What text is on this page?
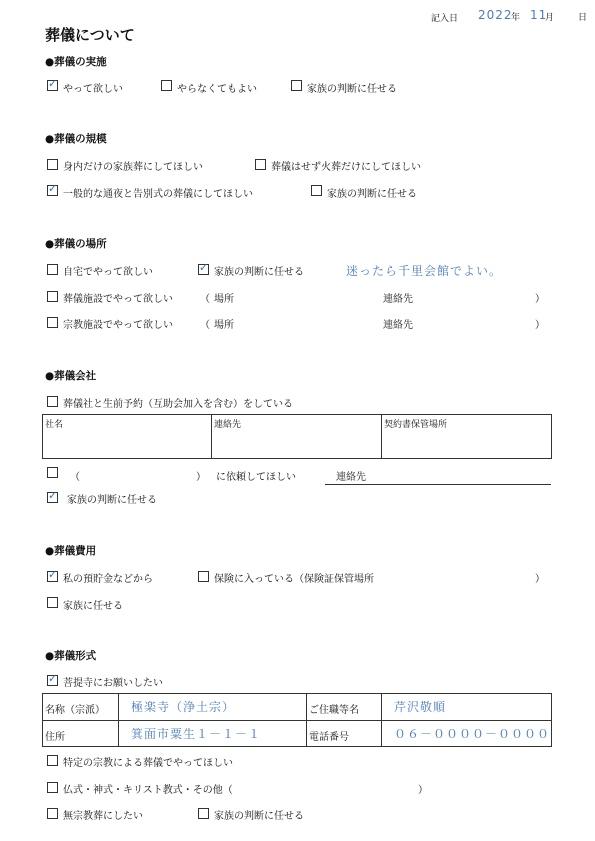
葬儀について
記入日 2022
年 11
月	日
●葬儀の実施
✓ やって欲しい	やらなくてもよい	家族の判断に任せる
●葬儀の規模
身内だけの家族葬にしてほしい	葬儀はせず火葬だけにしてほしい
✓ 一般的な通夜と告別式の葬儀にしてほしい	家族の判断に任せる
●葬儀の場所
自宅でやって欲しい	✓ 家族の判断に任せる	迷ったら千里会館でよい。
葬儀施設でやって欲しい	（ 場所	連絡先	）
宗教施設でやって欲しい	（ 場所	連絡先	）
●葬儀会社
葬儀社と生前予約（互助会加入を含む）をしている
社名	連絡先	契約書保管場所
（	） に依頼してほしい	連絡先
✓ 家族の判断に任せる
●葬儀費用
✓ 私の預貯金などから	保険に入っている（保険証保管場所	）
家族に任せる
●葬儀形式
✓ 菩提寺にお願いしたい
名称（宗派） 極楽寺（浄土宗）	ご住職等名	芹沢敬順
住所	箕面市粟生１－１－１	電話番号	０６－００００－００００
特定の宗教による葬儀でやってほしい
仏式・神式・キリスト教式・その他（	）
無宗教葬にしたい	家族の判断に任せる
